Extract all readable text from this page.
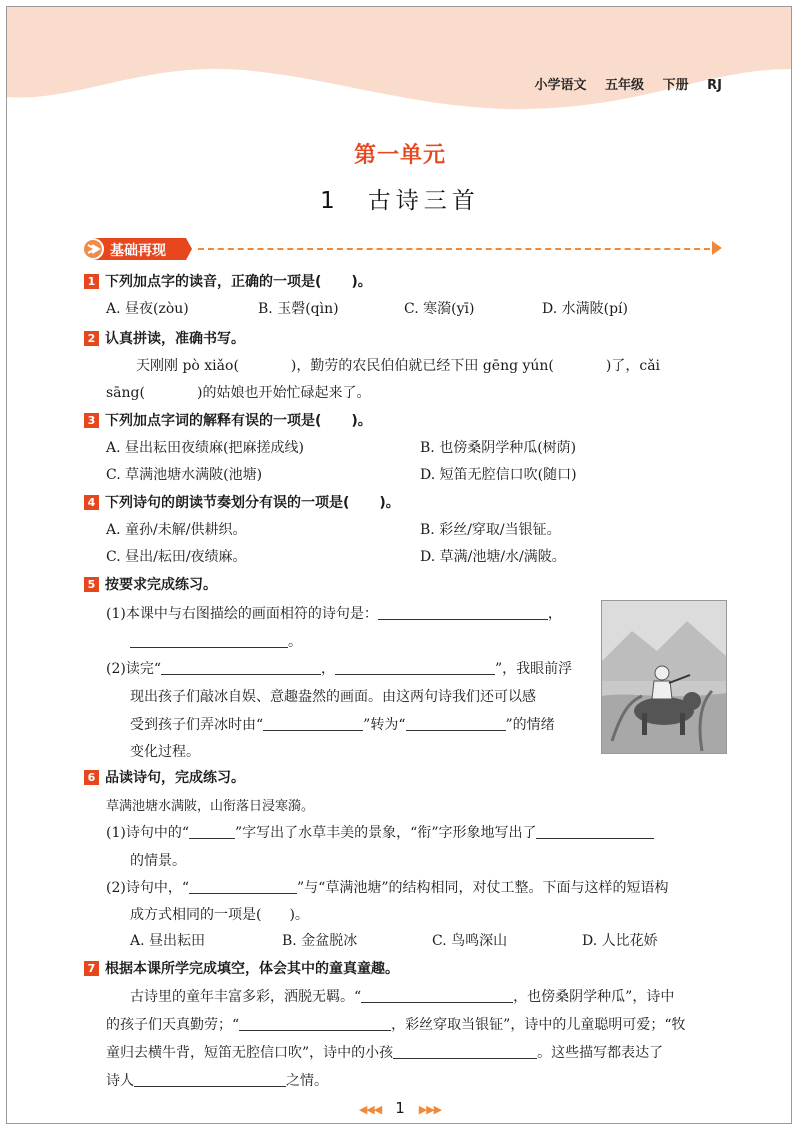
小学语文 五年级 下册 RJ
第一单元
1　古诗三首
基础再现
1 下列加点字的读音，正确的一项是( )。
A. 昼夜(zòu)	B. 玉磬(qìn)	C. 寒漪(yī)	D. 水满陂(pí)
2 认真拼读，准确书写。
天刚刚 pò xiǎo(	)，勤劳的农民伯伯就已经下田 gēng yún(	)了，cǎi
sāng(	)的姑娘也开始忙碌起来了。
3 下列加点字词的解释有误的一项是( )。
A. 昼出耘田夜绩麻(把麻搓成线)	B. 也傍桑阴学种瓜(树荫)
C. 草满池塘水满陂(池塘)	D. 短笛无腔信口吹(随口)
4 下列诗句的朗读节奏划分有误的一项是( )。
A. 童孙/未解/供耕织。	B. 彩丝/穿取/当银钲。
C. 昼出/耘田/夜绩麻。	D. 草满/池塘/水/满陂。
5 按要求完成练习。
(1)本课中与右图描绘的画面相符的诗句是：	，
。
(2)读完“	，	”，我眼前浮
现出孩子们敲冰自娱、意趣盎然的画面。由这两句诗我们还可以感
受到孩子们弄冰时由“	”转为“	”的情绪
变化过程。
6 品读诗句，完成练习。
草满池塘水满陂，山衔落日浸寒漪。
(1)诗句中的“	”字写出了水草丰美的景象，“衔”字形象地写出了
的情景。
(2)诗句中，“	”与“草满池塘”的结构相同，对仗工整。下面与这样的短语构
成方式相同的一项是( )。
A. 昼出耘田	B. 金盆脱冰	C. 鸟鸣深山	D. 人比花娇
7 根据本课所学完成填空，体会其中的童真童趣。
古诗里的童年丰富多彩，洒脱无羁。“	，也傍桑阴学种瓜”，诗中
的孩子们天真勤劳；“	，彩丝穿取当银钲”，诗中的儿童聪明可爱；“牧
童归去横牛背，短笛无腔信口吹”，诗中的小孩	。这些描写都表达了
诗人	之情。
◀◀◀ 1 ▶▶▶
